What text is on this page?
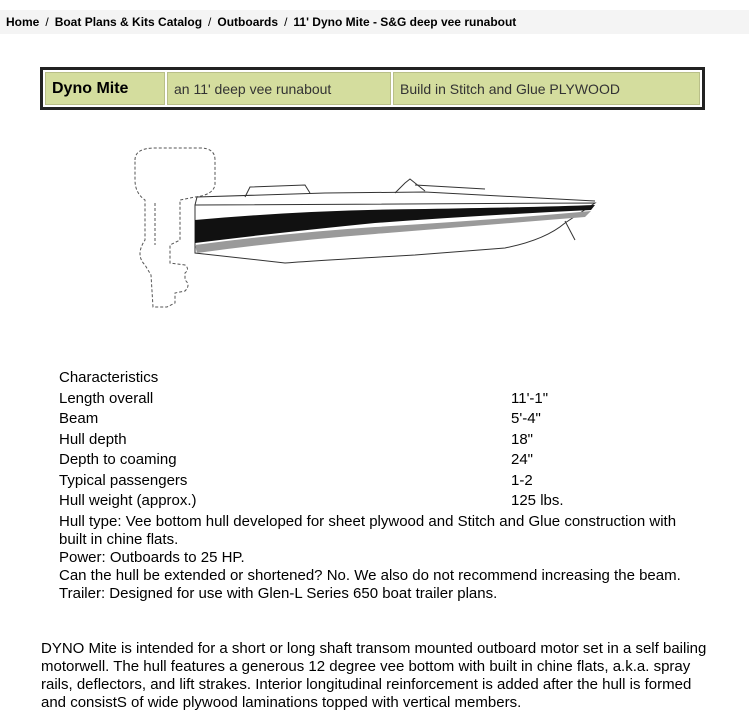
Home / Boat Plans & Kits Catalog / Outboards / 11' Dyno Mite - S&G deep vee runabout
Dyno Mite	an 11' deep vee runabout	Build in Stitch and Glue PLYWOOD
Characteristics
Length overall	11'-1"
Beam	5'-4"
Hull depth	18"
Depth to coaming	24"
Typical passengers	1-2
Hull weight (approx.)	125 lbs.
Hull type: Vee bottom hull developed for sheet plywood and Stitch and Glue construction with built in chine flats.
Power: Outboards to 25 HP.
Can the hull be extended or shortened? No. We also do not recommend increasing the beam.
Trailer: Designed for use with Glen-L Series 650 boat trailer plans.
DYNO Mite is intended for a short or long shaft transom mounted outboard motor set in a self bailing motorwell. The hull features a generous 12 degree vee bottom with built in chine flats, a.k.a. spray rails, deflectors, and lift strakes. Interior longitudinal reinforcement is added after the hull is formed and consistS of wide plywood laminations topped with vertical members.
